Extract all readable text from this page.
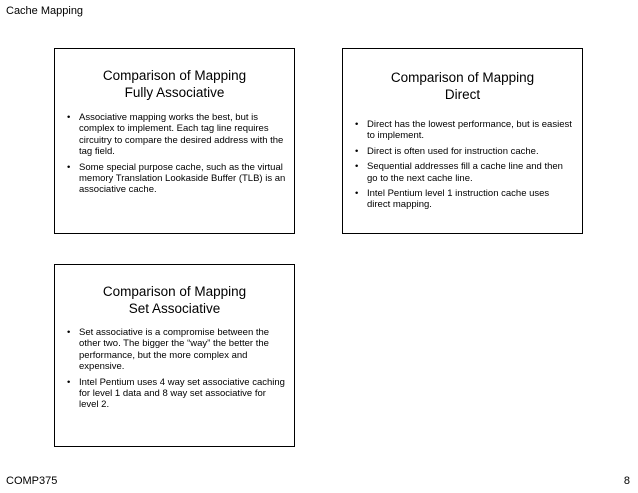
Cache Mapping
Comparison of Mapping
Fully Associative
• Associative mapping works the best, but is complex to implement. Each tag line requires circuitry to compare the desired address with the tag field.
• Some special purpose cache, such as the virtual memory Translation Lookaside Buffer (TLB) is an associative cache.
Comparison of Mapping
Direct
• Direct has the lowest performance, but is easiest to implement.
• Direct is often used for instruction cache.
• Sequential addresses fill a cache line and then go to the next cache line.
• Intel Pentium level 1 instruction cache uses direct mapping.
Comparison of Mapping
Set Associative
• Set associative is a compromise between the other two. The bigger the “way” the better the performance, but the more complex and expensive.
• Intel Pentium uses 4 way set associative caching for level 1 data and 8 way set associative for level 2.
COMP375	8
